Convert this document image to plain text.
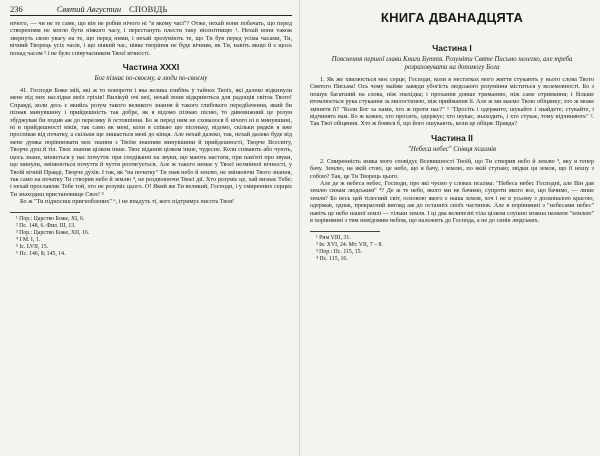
236	Святий Августин СПОВІДЬ

нічого, — чи не те саме, що він не робив нічого ні "в якому часі"? Отже, нехай вони побачать, що перед створенням не могло бути ніякого часу, і перестануть плести таку нісенітницю ¹. Нехай вони також звернуть свою увагу на те, що перед ними, і нехай зрозуміють те, що Ти був перед усіма часами, Ти, вічний Творець усіх часів, і що ніякий час, ніяке творіння не буде вічним, як Ти, навіть якщо й є щось понад часом ² і не було співучасником Твоєї вічності.

Частина ХХХІ
Бог пізнає по-своєму, а люди по-своєму

41. Господи Боже мій, які ж то повороти і яка велика глибінь у тайнах Твоїх, які далеко відкинули мене від них наслідки моїх гріхів! Вилікуй очі мої, нехай вони відкриються для радощів світла Твого! Справді, коли десь є якийсь розум такого великого знання й такого глибокого передбачення, який би пізнав минувшину і прийдешність так добре, як я відомо пізнаю пісню, то дивовижний це розум збуджував би подив аж до переляку й остовпіння. Бо ж перед ним не сховалося б нічого ні в минувшині, ні в прийдешності віків, так само як мені, коли я співаю цю пісеньку, відомо, скільки рядків я вже проспівав від початку, а скільки ще лишається мені до кінця. Але нехай далеко, так, нехай далеко буде від мене думка порівнювати моє знання з Твоїм знанням минувшини й прийдешності, Творче Всесвіту, Творче душ й тіл. Твоє знання цілком інше. Твоє відання цілком інше, чудесне. Коли співають або чують, щось знане, міняється у нас почуття: при сподіванні на звуки, що мають настати, при пам'яті про звуки, що минули, змінюються почуття й чуття розтягується. Але ж такого немає у Твоєї незмінної вічності, у Твоїй вічній Правді, Творче духів. І так, як "на початку" Ти знав небо й землю, не змінюючи Твого знання, так само на початку Ти створив небо й землю ⁴, не роздвоюючи Твоєї дії. Хто розуміє це, хай визнає Тебе; і нехай прославляє Тебе той, хто не розуміє цього. О! Який же Ти великий, Господи, і у смиренних серцях Ти знаходиш пристановище Своє! ⁵

Бо ж "Ти підносиш пригноблених" ⁶, і не впадуть ті, кого підтримує висота Твоя!

¹ Пор.: Царство Боже, XI, 6.
² Пс. 148, 6. Фил. III, 13.
³ Пор.: Царство Боже, XII, 16.
⁴ І М. І, 1.
⁵ Іс. LVII, 15.
⁶ Пс. 146, 8; 145, 14.
КНИГА ДВАНАДЦЯТА
Частина І
Пояснення першої глави Книги Буття. Розуміти Святе Письмо нелегко, але треба розраховувати на допомогу Бога

1. Як же хвилюється моє серце, Господи, коли в нестатках мого життя стукають у нього слова Твого Святого Письма! Ось чому майже завжди убогість людського розуміння міститься у велемовності. Бо з пошук багатший на слова, ніж знахідка; і прохання довше триманню, ніж саме отримання; і більше втомлюється рука стукання за милостинею, ніж приймання її. Але ж ми маємо Твою обіцянку; хто ж може змінити її? "Коли Бог за нами, хто ж проти нас?" ¹ "Просіть і одержите; шукайте і знайдете; стукайте, і відчинять вам. Бо ж кожен, хто просить, одержує; хто шукає, знаходить, і хто стукає, тому відчиняють" ². Так Твої обіцяння. Хто ж боявся б, що його ошукають, коли це обіцяє Правда?

Частина ІІ
"Небеса небес" Співця псалмів

2. Смиренність язика мого сповідує Всевишності Твоїй, що Ти створив небо й землю ³, яку я тепер бачу. Землю, на якій стою, це небо, що я бачу, і землю, по якій ступаю; звідки ця земля, що її ношу з собою? Так, це Ти Творець цього.

Але де ж небеса небес, Господи, про які чуємо у словах псалма: "Небеса небес Господні, але Він дав землю синам людським" ⁴? Де ж те небо, якого ми не бачимо, супроти якого все, що бачимо, — лише земля? Бо весь цей тілесний світ, основою якого є наша земля, хоч і не в усьому з досконалою красою, одержав, однак, прекрасний вигляд аж до останніх своїх частинок. Але в порівнянні з "небесами небес" навіть це небо нашої землі — тільки земля. І ці два величезні тіла цілком слушно можна назвати "землею" в порівнянні з тим невідомим небом, що належить до Господа, а не до синів людських.

¹ Рим VIII, 31.
² Ів. XVI, 24. Мт. VII, 7 – 8.
³ Пор.: Пс. 115, 15.
⁴ Пс. 115, 16.
